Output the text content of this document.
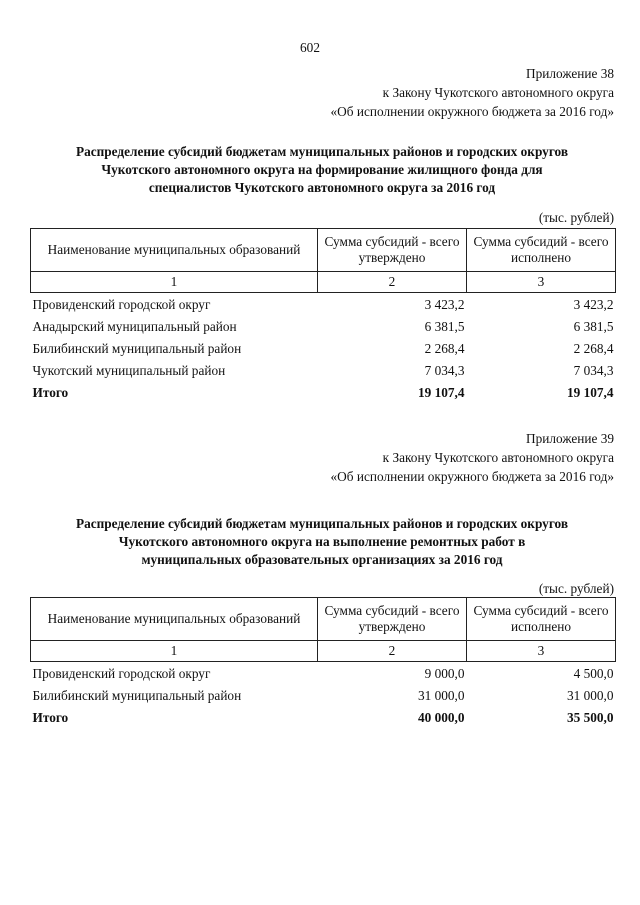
602
Приложение 38
к Закону Чукотского автономного округа
«Об исполнении окружного бюджета за 2016 год»
Распределение субсидий бюджетам муниципальных районов и городских округов
Чукотского автономного округа на формирование жилищного фонда для
специалистов Чукотского автономного округа за 2016 год
(тыс. рублей)
Наименование муниципальных образований	Сумма субсидий - всего утверждено	Сумма субсидий - всего исполнено
1	2	3
Провиденский городской округ	3 423,2	3 423,2
Анадырский муниципальный район	6 381,5	6 381,5
Билибинский муниципальный район	2 268,4	2 268,4
Чукотский муниципальный район	7 034,3	7 034,3
Итого	19 107,4	19 107,4
Приложение 39
к Закону Чукотского автономного округа
«Об исполнении окружного бюджета за 2016 год»
Распределение субсидий бюджетам муниципальных районов и городских округов
Чукотского автономного округа на выполнение ремонтных работ в
муниципальных образовательных организациях за 2016 год
(тыс. рублей)
Наименование муниципальных образований	Сумма субсидий - всего утверждено	Сумма субсидий - всего исполнено
1	2	3
Провиденский городской округ	9 000,0	4 500,0
Билибинский муниципальный район	31 000,0	31 000,0
Итого	40 000,0	35 500,0
